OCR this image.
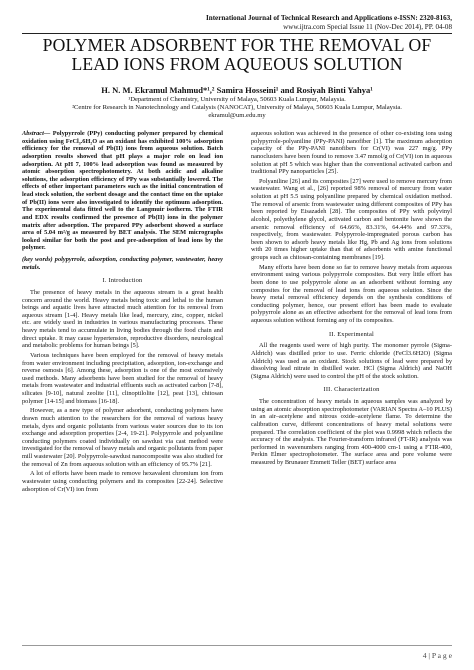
International Journal of Technical Research and Applications e-ISSN: 2320-8163,
www.ijtra.com Special Issue 11 (Nov-Dec 2014), PP. 04-08
POLYMER ADSORBENT FOR THE REMOVAL OF LEAD IONS FROM AQUEOUS SOLUTION
H. N. M. Ekramul Mahmud*¹,² Samira Hosseini¹ and Rosiyah Binti Yahya¹
¹Department of Chemistry, University of Malaya, 50603 Kuala Lumpur, Malaysia.
²Centre for Research in Nanotechnology and Catalysis (NANOCAT), University of Malaya, 50603 Kuala Lumpur, Malaysia.
ekramul@um.edu.my

Abstract— Polypyrrole (PPy) conducting polymer prepared by chemical oxidation using FeCl₃.6H₂O as an oxidant has exhibited 100% adsorption efficiency for the removal of Pb(II) ions from aqueous solution. Batch adsorption results showed that pH plays a major role on lead ion adsorption. At pH 7, 100% lead adsorption was found as measured by atomic absorption spectrophotometry. At both acidic and alkaline solutions, the adsorption efficiency of PPy was substantially lowered. The effects of other important parameters such as the initial concentration of lead stock solution, the sorbent dosage and the contact time on the uptake of Pb(II) ions were also investigated to identify the optimum adsorption. The experimental data fitted well to the Langmuir isotherm. The FTIR and EDX results confirmed the presence of Pb(II) ions in the polymer matrix after adsorption. The prepared PPy adsorbent showed a surface area of 5.04 m²/g as measured by BET analysis. The SEM micrographs looked similar for both the post and pre-adsorption of lead ions by the polymer.

(key words) polypyrrole, adsorption, conducting polymer, wastewater, heavy metals.

I. Introduction

The presence of heavy metals in the aqueous stream is a great health concern around the world. Heavy metals being toxic and lethal to the human beings and aquatic lives have attracted much attention for its removal from aqueous stream [1-4]. Heavy metals like lead, mercury, zinc, copper, nickel etc. are widely used in industries in various manufacturing processes. These heavy metals tend to accumulate in living bodies through the food chain and direct uptake. It may cause hypertension, reproductive disorders, neurological and metabolic problems for human beings [5].

Various techniques have been employed for the removal of heavy metals from water environment including precipitation, adsorption, ion-exchange and reverse osmosis [6]. Among these, adsorption is one of the most extensively used methods. Many adsorbents have been studied for the removal of heavy metals from wastewater and industrial effluents such as activated carbon [7-8], silicates [9-10], natural zeolite [11], clinoptilolite [12], peat [13], chitosan polymer [14-15] and biomass [16-18].

However, as a new type of polymer adsorbent, conducting polymers have drawn much attention to the researchers for the removal of various heavy metals, dyes and organic pollutants from various water sources due to its ion exchange and adsorption properties [2-4, 19-21]. Polypyrrole and polyaniline conducting polymers coated individually on sawdust via cast method were investigated for the removal of heavy metals and organic pollutants from paper mill wastewater [20]. Polypyrrole-sawdust nanocomposite was also studied for the removal of Zn from aqueous solution with an efficiency of 95.7% [21].

A lot of efforts have been made to remove hexavalent chromium ion from wastewater using conducting polymers and its composites [22-24]. Selective adsorption of Cr(VI) ion from

aqueous solution was achieved in the presence of other co-existing ions using polypyrrole-polyaniline (PPy-PANI) nanofiber [1]. The maximum adsorption capacity of the PPy-PANI nanofibers for Cr(VI) was 227 mg/g. PPy nanoclusters have been found to remove 3.47 mmol/g of Cr(VI) ion in aqueous solution at pH 5 which was higher than the conventional activated carbon and traditional PPy nanoparticles [25].

Polyaniline [26] and its composites [27] were used to remove mercury from wastewater. Wang et al., [26] reported 98% removal of mercury from water solution at pH 5.5 using polyaniline prepared by chemical oxidation method. The removal of arsenic from wastewater using different composites of PPy has been reported by Eisazadeh [28]. The composites of PPy with polyvinyl alcohol, polyethylene glycol, activated carbon and bentonite have shown the arsenic removal efficiency of 64.66%, 83.31%, 64.44% and 97.33%, respectively, from wastewater. Polypyrrole-impregnated porous carbon has been shown to adsorb heavy metals like Hg, Pb and Ag ions from solutions with 20 times higher uptake than that of adsorbents with amine functional groups such as chitosan-containing membranes [19].

Many efforts have been done so far to remove heavy metals from aqueous environment using various polypyrrole composites. But very little effort has been done to use polypyrrole alone as an adsorbent without forming any composites for the removal of lead ions from aqueous solution. Since the heavy metal removal efficiency depends on the synthesis conditions of conducting polymer, hence, our present effort has been made to evaluate polypyrrole alone as an effective adsorbent for the removal of lead ions from aqueous solution without forming any of its composites.

II. Experimental

All the reagents used were of high purity. The monomer pyrrole (Sigma-Aldrich) was distilled prior to use. Ferric chloride (FeCl3.6H2O) (Sigma Aldrich) was used as an oxidant. Stock solutions of lead were prepared by dissolving lead nitrate in distilled water. HCl (Sigma Aldrich) and NaOH (Sigma Aldrich) were used to control the pH of the stock solution.

III. Characterization

The concentration of heavy metals in aqueous samples was analyzed by using an atomic absorption spectrophotometer (VARIAN Spectra A–10 PLUS) in an air–acetylene and nitrous oxide–acetylene flame. To determine the calibration curve, different concentrations of heavy metal solutions were prepared. The correlation coefficient of the plot was 0.9998 which reflects the accuracy of the analysis. The Fourier-transform infrared (FT-IR) analysis was performed in wavenumbers ranging from 400-4000 cm-1 using a FTIR-400, Perkin Elmer spectrophotometer. The surface area and pore volume were measured by Brunauer Emmett Teller (BET) surface area

4 | P a g e
